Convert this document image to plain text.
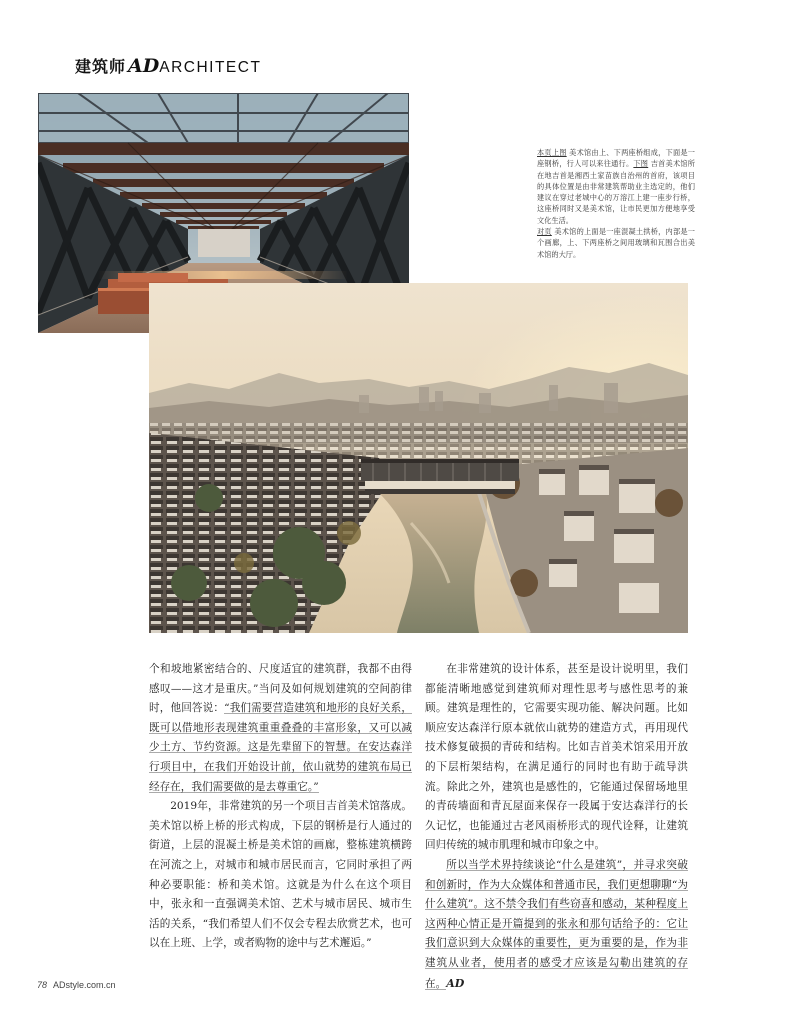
建筑师 AD ARCHITECT

本页上图 美术馆由上、下两座桥组成，下面是一座钢桥，行人可以来往通行。下图 吉首美术馆所在地吉首是湘西土家苗族自治州的首府，该项目的具体位置是由非常建筑帮助业主选定的，他们建议在穿过老城中心的万溶江上建一座步行桥，这座桥同时又是美术馆，让市民更加方便地享受文化生活。

对页 美术馆的上面是一座混凝土拱桥，内部是一个画廊，上、下两座桥之间用玻璃和瓦围合出美术馆的大厅。

个和坡地紧密结合的、尺度适宜的建筑群，我都不由得感叹——这才是重庆。”当问及如何规划建筑的空间韵律时，他回答说：“我们需要营造建筑和地形的良好关系，既可以借地形表现建筑重重叠叠的丰富形象，又可以减少土方、节约资源。这是先辈留下的智慧。在安达森洋行项目中，在我们开始设计前，依山就势的建筑布局已经存在，我们需要做的是去尊重它。”

2019年，非常建筑的另一个项目吉首美术馆落成。美术馆以桥上桥的形式构成，下层的钢桥是行人通过的街道，上层的混凝土桥是美术馆的画廊，整栋建筑横跨在河流之上，对城市和城市居民而言，它同时承担了两种必要职能：桥和美术馆。这就是为什么在这个项目中，张永和一直强调美术馆、艺术与城市居民、城市生活的关系，“我们希望人们不仅会专程去欣赏艺术，也可以在上班、上学，或者购物的途中与艺术邂逅。”

在非常建筑的设计体系，甚至是设计说明里，我们都能清晰地感觉到建筑师对理性思考与感性思考的兼顾。建筑是理性的，它需要实现功能、解决问题。比如顺应安达森洋行原本就依山就势的建造方式，再用现代技术修复破损的青砖和结构。比如吉首美术馆采用开放的下层桁架结构，在满足通行的同时也有助于疏导洪流。除此之外，建筑也是感性的，它能通过保留场地里的青砖墙面和青瓦屋面来保存一段属于安达森洋行的长久记忆，也能通过古老风雨桥形式的现代诠释，让建筑回归传统的城市肌理和城市印象之中。

所以当学术界持续谈论“什么是建筑”，并寻求突破和创新时，作为大众媒体和普通市民，我们更想聊聊“为什么建筑”。这不禁令我们有些窃喜和感动，某种程度上这两种心情正是开篇提到的张永和那句话给予的：它让我们意识到大众媒体的重要性，更为重要的是，作为非建筑从业者，使用者的感受才应该是勾勒出建筑的存在。AD

78 ADstyle.com.cn
